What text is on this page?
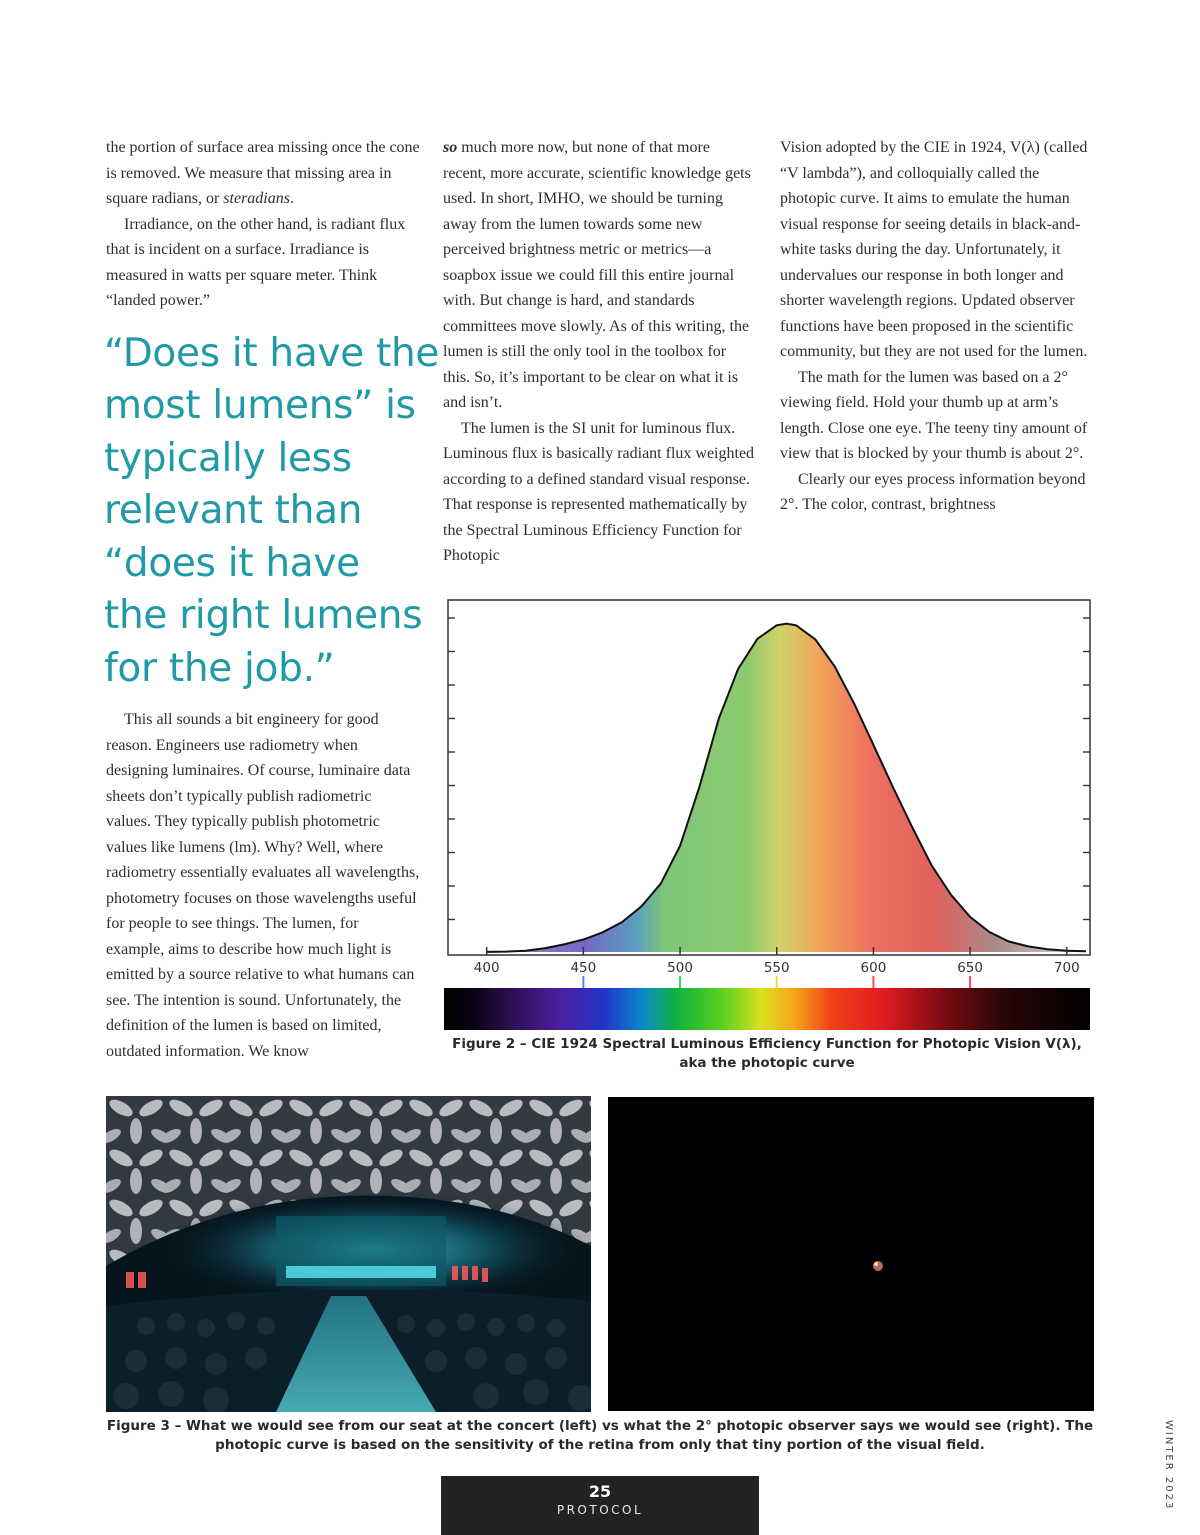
the portion of surface area missing once the cone is removed. We measure that missing area in square radians, or steradians.

Irradiance, on the other hand, is radiant flux that is incident on a surface. Irradiance is measured in watts per square meter. Think “landed power.”

“Does it have the
most lumens” is
typically less
relevant than
“does it have
the right lumens
for the job.”

This all sounds a bit engineery for good reason. Engineers use radiometry when designing luminaires. Of course, luminaire data sheets don’t typically publish radiometric values. They typically publish photometric values like lumens (lm). Why? Well, where radiometry essentially evaluates all wavelengths, photometry focuses on those wavelengths useful for people to see things. The lumen, for example, aims to describe how much light is emitted by a source relative to what humans can see. The intention is sound. Unfortunately, the definition of the lumen is based on limited, outdated information. We know

so much more now, but none of that more recent, more accurate, scientific knowledge gets used. In short, IMHO, we should be turning away from the lumen towards some new perceived brightness metric or metrics—a soapbox issue we could fill this entire journal with. But change is hard, and standards committees move slowly. As of this writing, the lumen is still the only tool in the toolbox for this. So, it’s important to be clear on what it is and isn’t.

The lumen is the SI unit for luminous flux. Luminous flux is basically radiant flux weighted according to a defined standard visual response. That response is represented mathematically by the Spectral Luminous Efficiency Function for Photopic

Vision adopted by the CIE in 1924, V(λ) (called “V lambda”), and colloquially called the photopic curve. It aims to emulate the human visual response for seeing details in black-and-white tasks during the day. Unfortunately, it undervalues our response in both longer and shorter wavelength regions. Updated observer functions have been proposed in the scientific community, but they are not used for the lumen.

The math for the lumen was based on a 2° viewing field. Hold your thumb up at arm’s length. Close one eye. The teeny tiny amount of view that is blocked by your thumb is about 2°.

Clearly our eyes process information beyond 2°. The color, contrast, brightness

400	450	500	550	600	650	700
Figure 2 – CIE 1924 Spectral Luminous Efficiency Function for Photopic Vision V(λ), aka the photopic curve
Figure 3 – What we would see from our seat at the concert (left) vs what the 2° photopic observer says we would see (right). The photopic curve is based on the sensitivity of the retina from only that tiny portion of the visual field.
25
PROTOCOL	WINTER 2023
